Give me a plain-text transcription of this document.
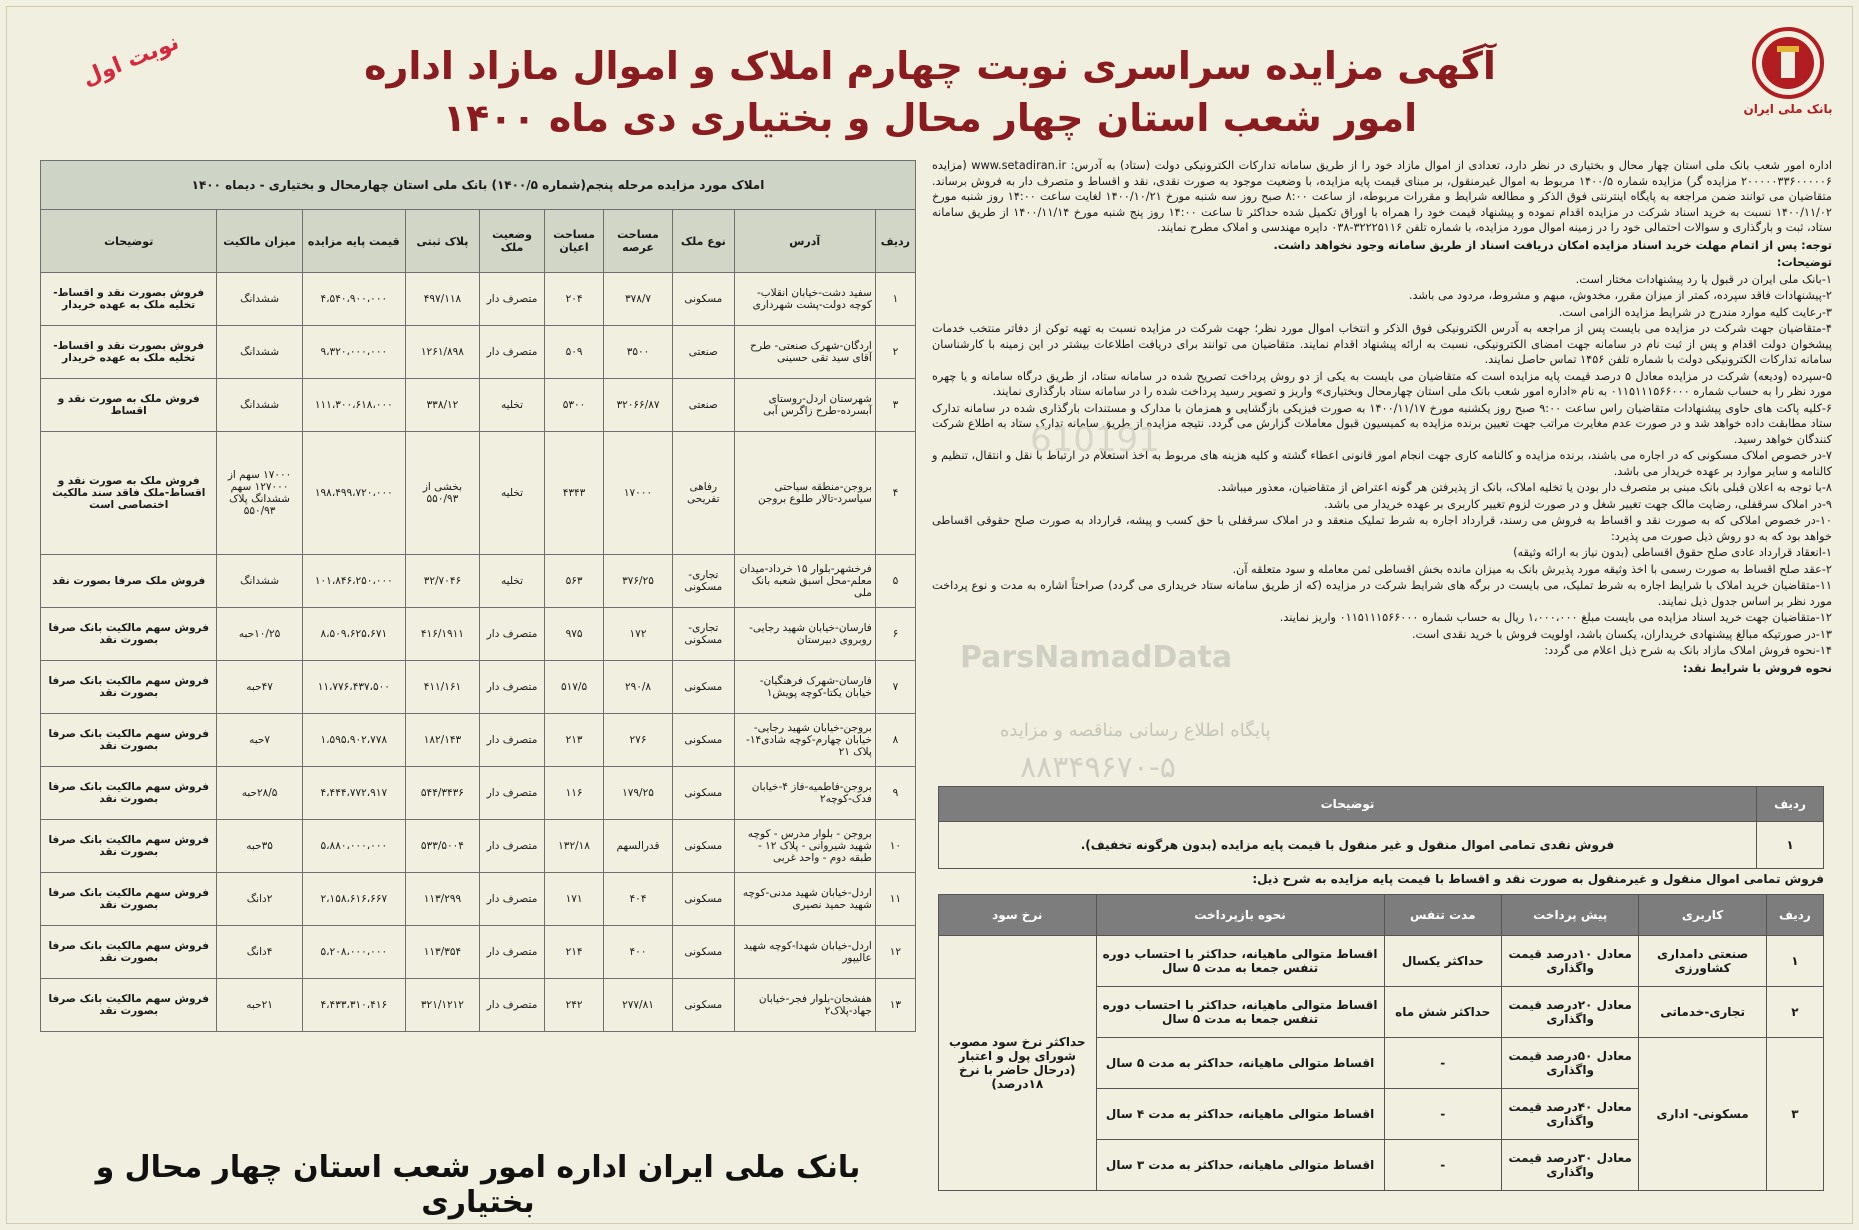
بانک ملی ایران
نوبت اول	آگهی مزایده سراسری نوبت چهارم املاک و اموال مازاد اداره
امور شعب استان چهار محال و بختیاری دی ماه ۱۴۰۰
املاک مورد مزایده مرحله پنجم(شماره ۱۴۰۰/۵) بانک ملی استان چهارمحال و بختیاری - دیماه ۱۴۰۰									
ردیف	آدرس	نوع ملک	مساحت عرصه	مساحت اعیان	وضعیت ملک	پلاک ثبتی	قیمت پایه مزایده	میزان مالکیت	توضیحات
۱	سفید دشت-خیابان انقلاب-کوچه دولت-پشت شهرداری	مسکونی	۳۷۸/۷	۲۰۴	متصرف دار	۴۹۷/۱۱۸	۴،۵۴۰،۹۰۰،۰۰۰	ششدانگ	فروش بصورت نقد و اقساط-تخلیه ملک به عهده خریدار
۲	اردگان-شهرک صنعتی- طرح آقای سید تقی حسینی	صنعتی	۳۵۰۰	۵۰۹	متصرف دار	۱۲۶۱/۸۹۸	۹،۳۲۰،۰۰۰،۰۰۰	ششدانگ	فروش بصورت نقد و اقساط-تخلیه ملک به عهده خریدار
۳	شهرستان اردل-روستای آبسرده-طرح زاگرس آبی	صنعتی	۳۲۰۶۶/۸۷	۵۳۰۰	تخلیه	۳۳۸/۱۲	۱۱۱،۳۰۰،۶۱۸،۰۰۰	ششدانگ	فروش ملک به صورت نقد و اقساط
۴	بروجن-منطقه سیاحتی سیاسرد-تالار طلوع بروجن	رفاهی تفریحی	۱۷۰۰۰	۴۳۴۳	تخلیه	بخشی از ۵۵۰/۹۳	۱۹۸،۴۹۹،۷۲۰،۰۰۰	۱۷۰۰۰ سهم از ۱۲۷۰۰۰ سهم ششدانگ پلاک ۵۵۰/۹۳	فروش ملک به صورت نقد و اقساط-ملک فاقد سند مالکیت اختصاصی است
۵	فرخشهر-بلوار ۱۵ خرداد-میدان معلم-محل اسبق شعبه بانک ملی	تجاری-مسکونی	۳۷۶/۲۵	۵۶۳	تخلیه	۳۲/۷۰۴۶	۱۰۱،۸۴۶،۲۵۰،۰۰۰	ششدانگ	فروش ملک صرفا بصورت نقد
۶	فارسان-خیابان شهید رجایی-روبروی دبیرستان	تجاری-مسکونی	۱۷۲	۹۷۵	متصرف دار	۴۱۶/۱۹۱۱	۸،۵۰۹،۶۲۵،۶۷۱	۱۰/۲۵حبه	فروش سهم مالکیت بانک صرفا بصورت نقد
۷	فارسان-شهرک فرهنگیان-خیابان یکتا-کوچه پویش۱	مسکونی	۲۹۰/۸	۵۱۷/۵	متصرف دار	۴۱۱/۱۶۱	۱۱،۷۷۶،۴۳۷،۵۰۰	۴۷حبه	فروش سهم مالکیت بانک صرفا بصورت نقد
۸	بروجن-خیابان شهید رجایی-خیابان چهارم-کوچه شادی۱۴-پلاک ۲۱	مسکونی	۲۷۶	۲۱۳	متصرف دار	۱۸۲/۱۴۳	۱،۵۹۵،۹۰۲،۷۷۸	۷حبه	فروش سهم مالکیت بانک صرفا بصورت نقد
۹	بروجن-فاطمیه-فاز ۴-خیابان فدک-کوچه۲	مسکونی	۱۷۹/۲۵	۱۱۶	متصرف دار	۵۴۴/۳۴۳۶	۴،۴۴۴،۷۷۲،۹۱۷	۲۸/۵حبه	فروش سهم مالکیت بانک صرفا بصورت نقد
۱۰	بروجن - بلوار مدرس - کوچه شهید شیروانی - پلاک ۱۲ - طبقه دوم - واحد غربی	مسکونی	قدرالسهم	۱۳۲/۱۸	متصرف دار	۵۳۳/۵۰۰۴	۵،۸۸۰،۰۰۰،۰۰۰	۳۵حبه	فروش سهم مالکیت بانک صرفا بصورت نقد
۱۱	اردل-خیابان شهید مدنی-کوچه شهید حمید نصیری	مسکونی	۴۰۴	۱۷۱	متصرف دار	۱۱۳/۲۹۹	۲،۱۵۸،۶۱۶،۶۶۷	۲دانگ	فروش سهم مالکیت بانک صرفا بصورت نقد
۱۲	اردل-خیابان شهدا-کوچه شهید عالیپور	مسکونی	۴۰۰	۲۱۴	متصرف دار	۱۱۳/۳۵۴	۵،۲۰۸،۰۰۰،۰۰۰	۴دانگ	فروش سهم مالکیت بانک صرفا بصورت نقد
۱۳	هفشجان-بلوار فجر-خیابان جهاد-پلاک۲	مسکونی	۲۷۷/۸۱	۲۴۲	متصرف دار	۳۲۱/۱۲۱۲	۴،۴۳۳،۳۱۰،۴۱۶	۲۱حبه	فروش سهم مالکیت بانک صرفا بصورت نقد
بانک ملی ایران اداره امور شعب استان چهار محال و بختیاری

اداره امور شعب بانک ملی استان چهار محال و بختیاری در نظر دارد، تعدادی از اموال مازاد خود را از طریق سامانه تدارکات الکترونیکی دولت (ستاد) به آدرس: www.setadiran.ir (مزایده ۲۰۰۰۰۰۳۳۶۰۰۰۰۰۶ مزایده گر) مزایده شماره ۱۴۰۰/۵ مربوط به اموال غیرمنقول، بر مبنای قیمت پایه مزایده، با وضعیت موجود به صورت نقدی، نقد و اقساط و متصرف دار به فروش برساند. متقاضیان می توانند ضمن مراجعه به پایگاه اینترنتی فوق الذکر و مطالعه شرایط و مقررات مربوطه، از ساعت ۸:۰۰ صبح روز سه شنبه مورخ ۱۴۰۰/۱۰/۲۱ لغایت ساعت ۱۴:۰۰ روز شنبه مورخ ۱۴۰۰/۱۱/۰۲ نسبت به خرید اسناد شرکت در مزایده اقدام نموده و پیشنهاد قیمت خود را همراه با اوراق تکمیل شده حداکثر تا ساعت ۱۴:۰۰ روز پنج شنبه مورخ ۱۴۰۰/۱۱/۱۴ از طریق سامانه ستاد، ثبت و بارگذاری و سوالات احتمالی خود را در زمینه اموال مورد مزایده، با شماره تلفن ۳۲۲۲۵۱۱۶-۰۳۸ دایره مهندسی و املاک مطرح نمایند.

توجه: پس از اتمام مهلت خرید اسناد مزایده امکان دریافت اسناد از طریق سامانه وجود نخواهد داشت.

توضیحات:

۱-بانک ملی ایران در قبول یا رد پیشنهادات مختار است.

۲-پیشنهادات فاقد سپرده، کمتر از میزان مقرر، مخدوش، مبهم و مشروط، مردود می باشد.

۳-رعایت کلیه موارد مندرج در شرایط مزایده الزامی است.

۴-متقاضیان جهت شرکت در مزایده می بایست پس از مراجعه به آدرس الکترونیکی فوق الذکر و انتخاب اموال مورد نظر؛ جهت شرکت در مزایده نسبت به تهیه توکن از دفاتر منتخب خدمات پیشخوان دولت اقدام و پس از ثبت نام در سامانه جهت امضای الکترونیکی، نسبت به ارائه پیشنهاد اقدام نمایند. متقاضیان می توانند برای دریافت اطلاعات بیشتر در این زمینه با کارشناسان سامانه تدارکات الکترونیکی دولت با شماره تلفن ۱۴۵۶ تماس حاصل نمایند.

۵-سپرده (ودیعه) شرکت در مزایده معادل ۵ درصد قیمت پایه مزایده است که متقاضیان می بایست به یکی از دو روش پرداخت تصریح شده در سامانه ستاد، از طریق درگاه سامانه و یا چهره مورد نظر را به حساب شماره ۰۱۱۵۱۱۱۵۶۶۰۰۰ به نام «اداره امور شعب بانک ملی استان چهارمحال وبختیاری» واریز و تصویر رسید پرداخت شده را در سامانه ستاد بارگذاری نمایند.

۶-کلیه پاکت های حاوی پیشنهادات متقاضیان راس ساعت ۹:۰۰ صبح روز یکشنبه مورخ ۱۴۰۰/۱۱/۱۷ به صورت فیزیکی بازگشایی و همزمان با مدارک و مستندات بارگذاری شده در سامانه تدارک ستاد مطابقت داده خواهد شد و در صورت عدم مغایرت مراتب جهت تعیین برنده مزایده به کمیسیون قبول معاملات گزارش می گردد. نتیجه مزایده از طریق سامانه تدارک ستاد به اطلاع شرکت کنندگان خواهد رسید.

۷-در خصوص املاک مسکونی که در اجاره می باشند، برنده مزایده و کالنامه کاری جهت انجام امور قانونی اعطاء گشته و کلیه هزینه های مربوط به اخذ استعلام در ارتباط با نقل و انتقال، تنظیم و کالنامه و سایر موارد بر عهده خریدار می باشد.

۸-با توجه به اعلان قبلی بانک مبنی بر متصرف دار بودن یا تخلیه املاک، بانک از پذیرفتن هر گونه اعتراض از متقاضیان، معذور میباشد.

۹-در املاک سرقفلی، رضایت مالک جهت تغییر شغل و در صورت لزوم تغییر کاربری بر عهده خریدار می باشد.

۱۰-در خصوص املاکی که به صورت نقد و اقساط به فروش می رسند، قرارداد اجاره به شرط تملیک منعقد و در املاک سرقفلی با حق کسب و پیشه، قرارداد به صورت صلح حقوقی اقساطی خواهد بود که به دو روش ذیل صورت می پذیرد:

۱-انعقاد قرارداد عادی صلح حقوق اقساطی (بدون نیاز به ارائه وثیقه)

۲-عقد صلح اقساط به صورت رسمی با اخذ وثیقه مورد پذیرش بانک به میزان مانده بخش اقساطی ثمن معامله و سود متعلقه آن.

۱۱-متقاضیان خرید املاک با شرایط اجاره به شرط تملیک، می بایست در برگه های شرایط شرکت در مزایده (که از طریق سامانه ستاد خریداری می گردد) صراحتاً اشاره به مدت و نوع پرداخت مورد نظر بر اساس جدول ذیل نمایند.

۱۲-متقاضیان جهت خرید اسناد مزایده می بایست مبلغ ۱،۰۰۰،۰۰۰ ریال به حساب شماره ۰۱۱۵۱۱۱۵۶۶۰۰۰ واریز نمایند.

۱۳-در صورتیکه مبالغ پیشنهادی خریداران، یکسان باشد، اولویت فروش با خرید نقدی است.

۱۴-نحوه فروش املاک مازاد بانک به شرح ذیل اعلام می گردد:

نحوه فروش با شرایط نقد:

ParsNamadData
پایگاه اطلاع رسانی مناقصه و مزایده
۸۸۳۴۹۶۷۰-۵
610191
ردیف	توضیحات
۱	فروش نقدی تمامی اموال منقول و غیر منقول با قیمت پایه مزایده (بدون هرگونه تخفیف).
فروش تمامی اموال منقول و غیرمنقول به صورت نقد و اقساط با قیمت پایه مزایده به شرح ذیل:
ردیف	کاربری	پیش پرداخت	مدت تنفس	نحوه بازپرداخت	نرخ سود
۱	صنعتی دامداری کشاورزی	معادل ۱۰درصد قیمت واگذاری	حداکثر یکسال	اقساط متوالی ماهیانه، حداکثر با احتساب دوره تنفس جمعا به مدت ۵ سال	حداکثر نرخ سود مصوب شورای پول و اعتبار (درحال حاضر با نرخ ۱۸درصد)
۲	تجاری-خدماتی	معادل ۲۰درصد قیمت واگذاری	حداکثر شش ماه	اقساط متوالی ماهیانه، حداکثر با احتساب دوره تنفس جمعا به مدت ۵ سال	
۳	مسکونی- اداری	معادل ۵۰درصد قیمت واگذاری	-	اقساط متوالی ماهیانه، حداکثر به مدت ۵ سال	
		معادل ۴۰درصد قیمت واگذاری	-	اقساط متوالی ماهیانه، حداکثر به مدت ۴ سال	
		معادل ۳۰درصد قیمت واگذاری	-	اقساط متوالی ماهیانه، حداکثر به مدت ۳ سال	
